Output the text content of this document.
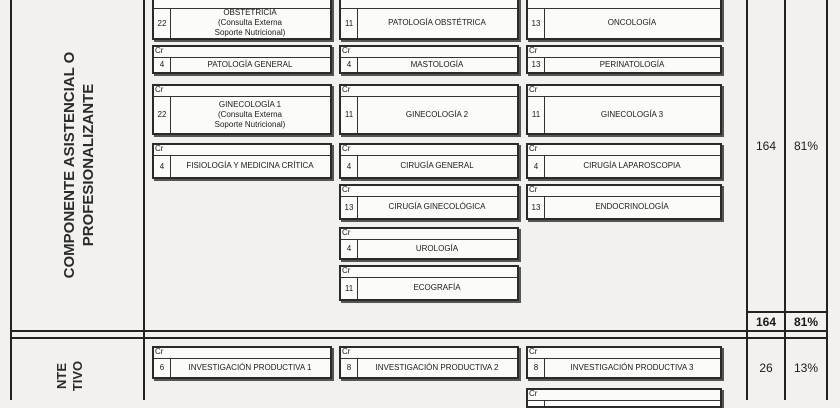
COMPONENTE ASISTENCIAL O
PROFESIONALIZANTE
NTE
TIVO
164	81%
164	81%
26	13%
22
OBSTETRICIA
(Consulta Externa
Soporte Nutricional)
11	PATOLOGÍA OBSTÉTRICA	13	ONCOLOGÍA
Cr
4	PATOLOGÍA GENERAL
Cr
4	MASTOLOGÍA
Cr
13	PERINATOLOGÍA
Cr
22
GINECOLOGÍA 1
(Consulta Externa
Soporte Nutricional)
Cr
11	GINECOLOGÍA 2
Cr
11	GINECOLOGÍA 3
Cr
4	FISIOLOGÍA Y MEDICINA CRÍTICA
Cr
4	CIRUGÍA GENERAL
Cr
4	CIRUGÍA LAPAROSCOPIA
Cr
13	CIRUGÍA GINECOLÓGICA
Cr
13	ENDOCRINOLOGÍA
Cr
4	UROLOGÍA
Cr
11	ECOGRAFÍA
Cr
6	INVESTIGACIÓN PRODUCTIVA 1
Cr
8	INVESTIGACIÓN PRODUCTIVA 2
Cr
8	INVESTIGACIÓN PRODUCTIVA 3
Cr
